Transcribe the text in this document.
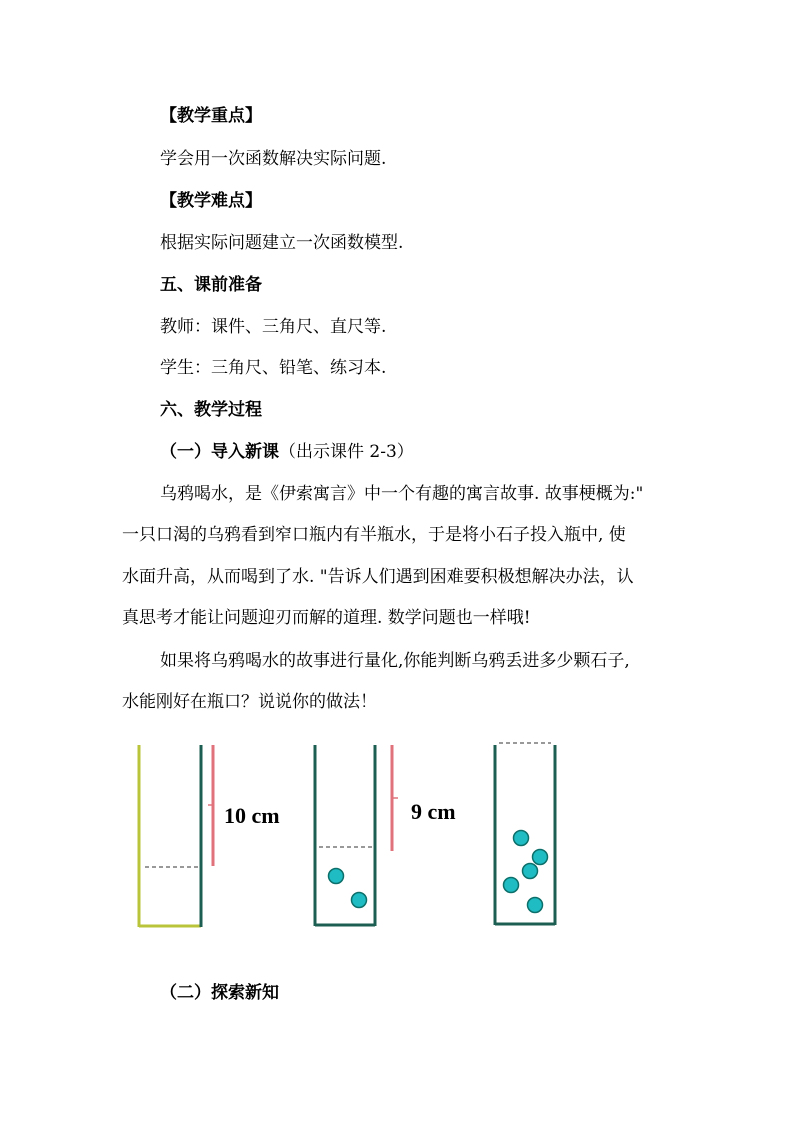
【教学重点】
学会用一次函数解决实际问题.
【教学难点】
根据实际问题建立一次函数模型.
五、课前准备
教师：课件、三角尺、直尺等.
学生：三角尺、铅笔、练习本.
六、教学过程
（一）导入新课（出示课件 2-3）
乌鸦喝水，是《伊索寓言》中一个有趣的寓言故事. 故事梗概为:"
一只口渴的乌鸦看到窄口瓶内有半瓶水，于是将小石子投入瓶中, 使
水面升高，从而喝到了水. "告诉人们遇到困难要积极想解决办法，认
真思考才能让问题迎刃而解的道理. 数学问题也一样哦!
如果将乌鸦喝水的故事进行量化,你能判断乌鸦丢进多少颗石子,
水能刚好在瓶口？说说你的做法！
10 cm	9 cm
（二）探索新知
